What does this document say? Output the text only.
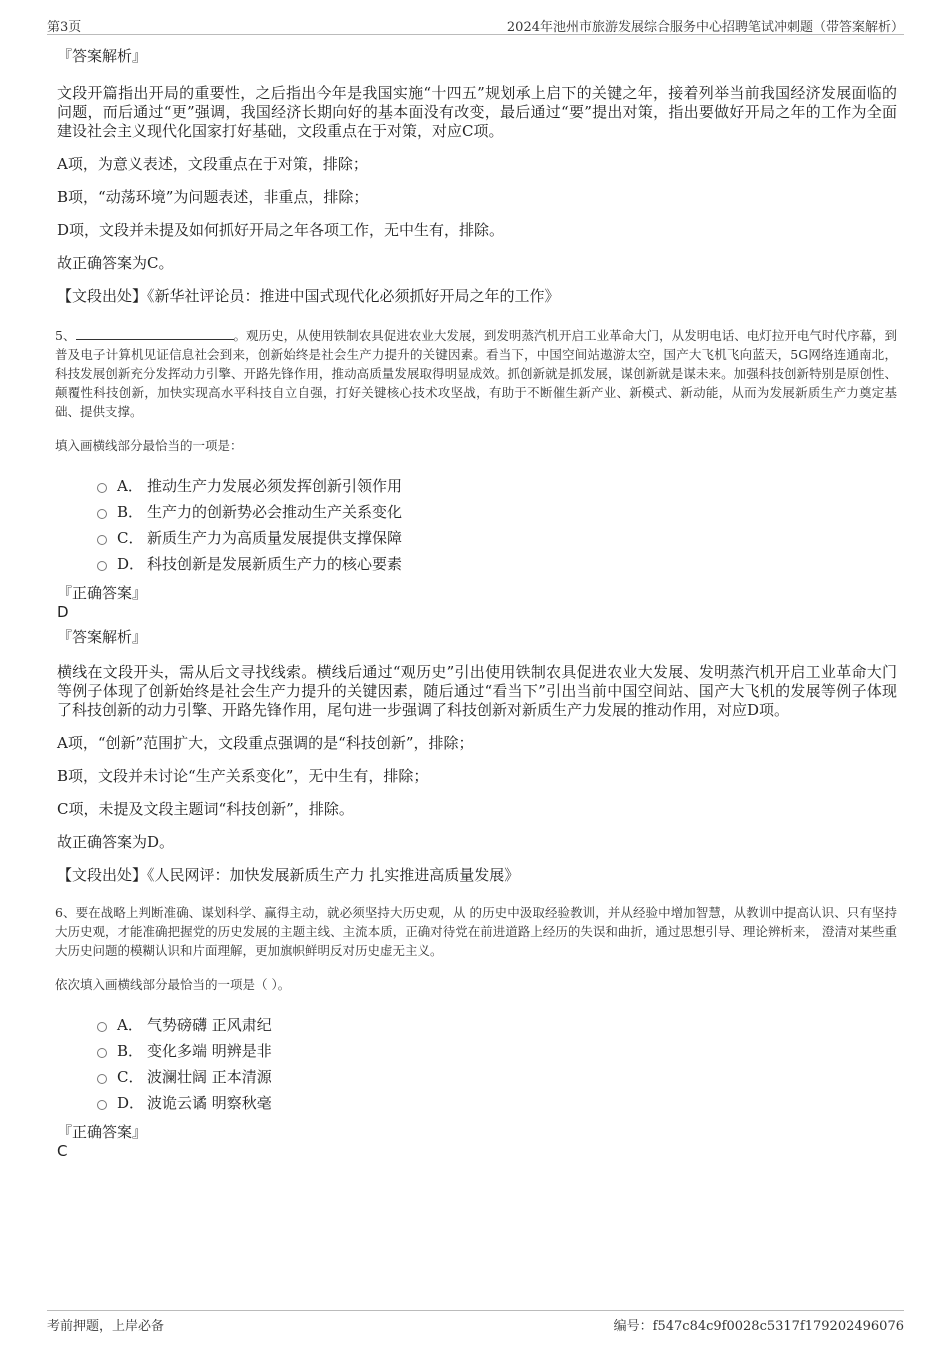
第3页	2024年池州市旅游发展综合服务中心招聘笔试冲刺题（带答案解析）
『答案解析』

文段开篇指出开局的重要性，之后指出今年是我国实施“十四五”规划承上启下的关键之年，接着列举当前我国经济发展面临的问题，而后通过“更”强调，我国经济长期向好的基本面没有改变，最后通过“要”提出对策，指出要做好开局之年的工作为全面建设社会主义现代化国家打好基础，文段重点在于对策，对应C项。

A项，为意义表述，文段重点在于对策，排除；

B项，“动荡环境”为问题表述，非重点，排除；

D项，文段并未提及如何抓好开局之年各项工作，无中生有，排除。

故正确答案为C。

【文段出处】《新华社评论员：推进中国式现代化必须抓好开局之年的工作》

5、	。观历史，从使用铁制农具促进农业大发展，到发明蒸汽机开启工业革命大门，从发明电话、电灯拉开电气时代序幕，到普及电子计算机见证信息社会到来，创新始终是社会生产力提升的关键因素。看当下，中国空间站遨游太空，国产大飞机飞向蓝天，5G网络连通南北，科技发展创新充分发挥动力引擎、开路先锋作用，推动高质量发展取得明显成效。抓创新就是抓发展，谋创新就是谋未来。加强科技创新特别是原创性、颠覆性科技创新，加快实现高水平科技自立自强，打好关键核心技术攻坚战，有助于不断催生新产业、新模式、新动能，从而为发展新质生产力奠定基础、提供支撑。

填入画横线部分最恰当的一项是：

A． 推动生产力发展必须发挥创新引领作用
B． 生产力的创新势必会推动生产关系变化
C． 新质生产力为高质量发展提供支撑保障
D． 科技创新是发展新质生产力的核心要素
『正确答案』

D

『答案解析』

横线在文段开头，需从后文寻找线索。横线后通过“观历史”引出使用铁制农具促进农业大发展、发明蒸汽机开启工业革命大门等例子体现了创新始终是社会生产力提升的关键因素，随后通过“看当下”引出当前中国空间站、国产大飞机的发展等例子体现了科技创新的动力引擎、开路先锋作用，尾句进一步强调了科技创新对新质生产力发展的推动作用，对应D项。

A项，“创新”范围扩大，文段重点强调的是“科技创新”，排除；

B项，文段并未讨论“生产关系变化”，无中生有，排除；

C项，未提及文段主题词“科技创新”，排除。

故正确答案为D。

【文段出处】《人民网评：加快发展新质生产力 扎实推进高质量发展》

6、要在战略上判断准确、谋划科学、赢得主动，就必须坚持大历史观，从 的历史中汲取经验教训，并从经验中增加智慧，从教训中提高认识、只有坚持大历史观，才能准确把握党的历史发展的主题主线、主流本质，正确对待党在前进道路上经历的失误和曲折，通过思想引导、理论辨析来， 澄清对某些重大历史问题的模糊认识和片面理解，更加旗帜鲜明反对历史虚无主义。

依次填入画横线部分最恰当的一项是（ ）。

A． 气势磅礴 正风肃纪
B． 变化多端 明辨是非
C． 波澜壮阔 正本清源
D． 波诡云谲 明察秋毫
『正确答案』

C

考前押题，上岸必备	编号：f547c84c9f0028c5317f179202496076
